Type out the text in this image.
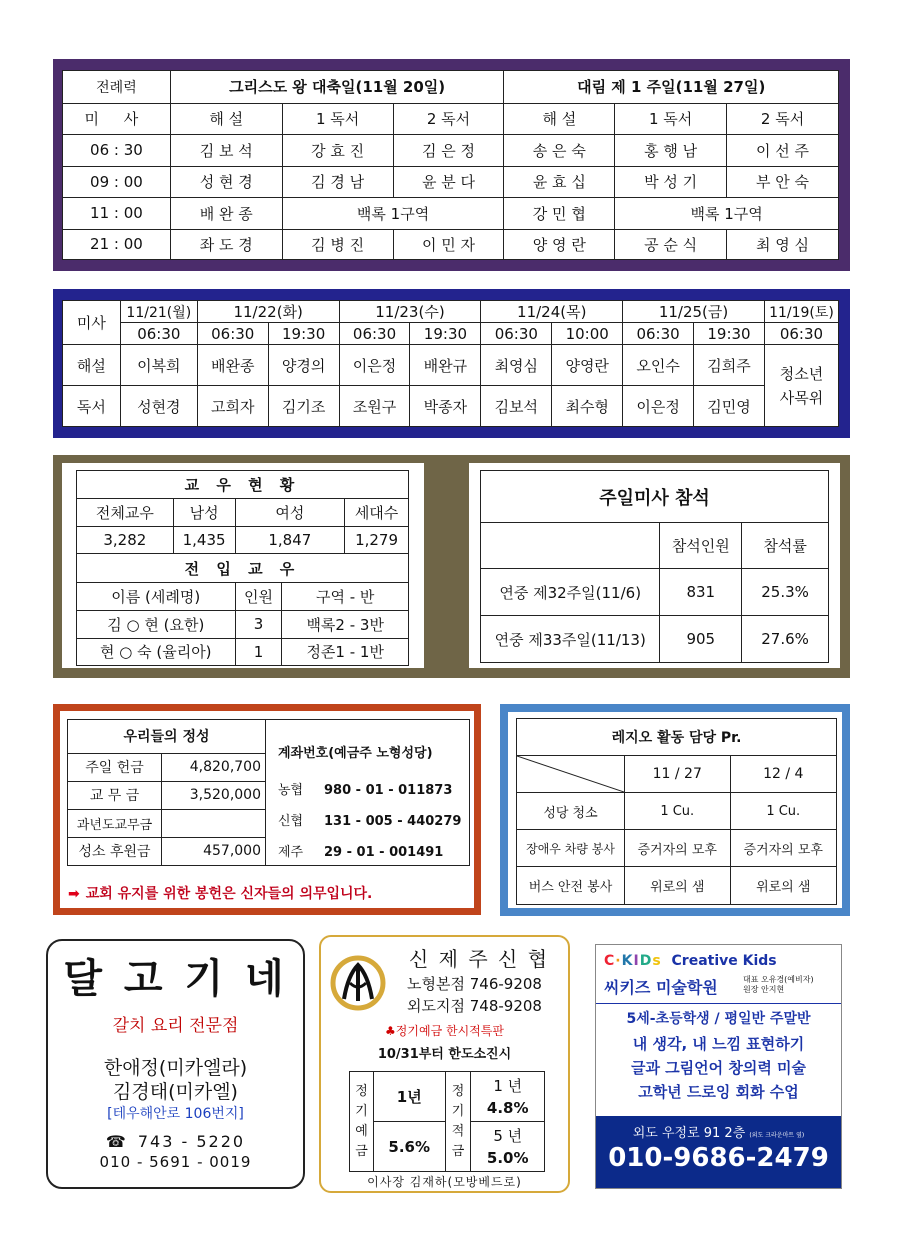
전례력	그리스도 왕 대축일(11월 20일)			대림 제 1 주일(11월 27일)		
미 사	해 설	1 독서	2 독서	해 설	1 독서	2 독서
06 : 30	김 보 석	강 효 진	김 은 정	송 은 숙	홍 행 남	이 선 주
09 : 00	성 현 경	김 경 남	윤 분 다	윤 효 십	박 성 기	부 안 숙
11 : 00	배 완 종	백록 1구역		강 민 협	백록 1구역	
21 : 00	좌 도 경	김 병 진	이 민 자	양 영 란	공 순 식	최 영 심
미사	11/21(월)	11/22(화)		11/23(수)		11/24(목)		11/25(금)		11/19(토)
	06:30	06:30	19:30	06:30	19:30	06:30	10:00	06:30	19:30	06:30
해설	이복희	배완종	양경의	이은정	배완규	최영심	양영란	오인수	김희주	청소년
사목위

독서	성현경	고희자	김기조	조원구	박종자	김보석	최수형	이은정	김민영	
교 우 현 황				
전체교우	남성	여성		세대수
3,282	1,435	1,847		1,279
전 입 교 우				
이름 (세례명)		인원	구역 - 반	
김 ○ 현 (요한)		3	백록2 - 3반	
현 ○ 숙 (율리아)		1	정존1 - 1반	
주일미사 참석		
	참석인원	참석률
연중 제32주일(11/6)	831	25.3%
연중 제33주일(11/13)	905	27.6%
우리들의 정성	
주일 헌금	4,820,700
교 무 금	3,520,000
과년도교무금	
성소 후원금	457,000
계좌번호(예금주 노형성당)
농협 980 - 01 - 011873
신협 131 - 005 - 440279
제주 29 - 01 - 001491
➡ 교회 유지를 위한 봉헌은 신자들의 의무입니다.
레지오 활동 담당 Pr.		

	11 / 27	12 / 4
성당 청소	1 Cu.	1 Cu.
장애우 차량 봉사	증거자의 모후	증거자의 모후
버스 안전 봉사	위로의 샘	위로의 샘
달 고 기 네
갈치 요리 전문점
한애정(미카엘라)
김경태(미카엘)
[테우해안로 106번지]
☎ 743 - 5220
010 - 5691 - 0019
신 제 주 신 협
노형본점 746-9208
외도지점 748-9208
♣정기예금 한시적특판
10/31부터 한도소진시
정기예금	1년	정기적금	1 년
4.8%

	5.6%		5 년
5.0%
이사장 김재하(모방베드로)
C·KIDs Creative Kids
씨키즈 미술학원	대표 오유경(예비자)
원장 안지현
5세-초등학생 / 평일반 주말반
내 생각, 내 느낌 표현하기
글과 그림언어 창의력 미술
고학년 드로잉 회화 수업
외도 우정로 91 2층 (외도 크라운마트 옆)
010-9686-2479
